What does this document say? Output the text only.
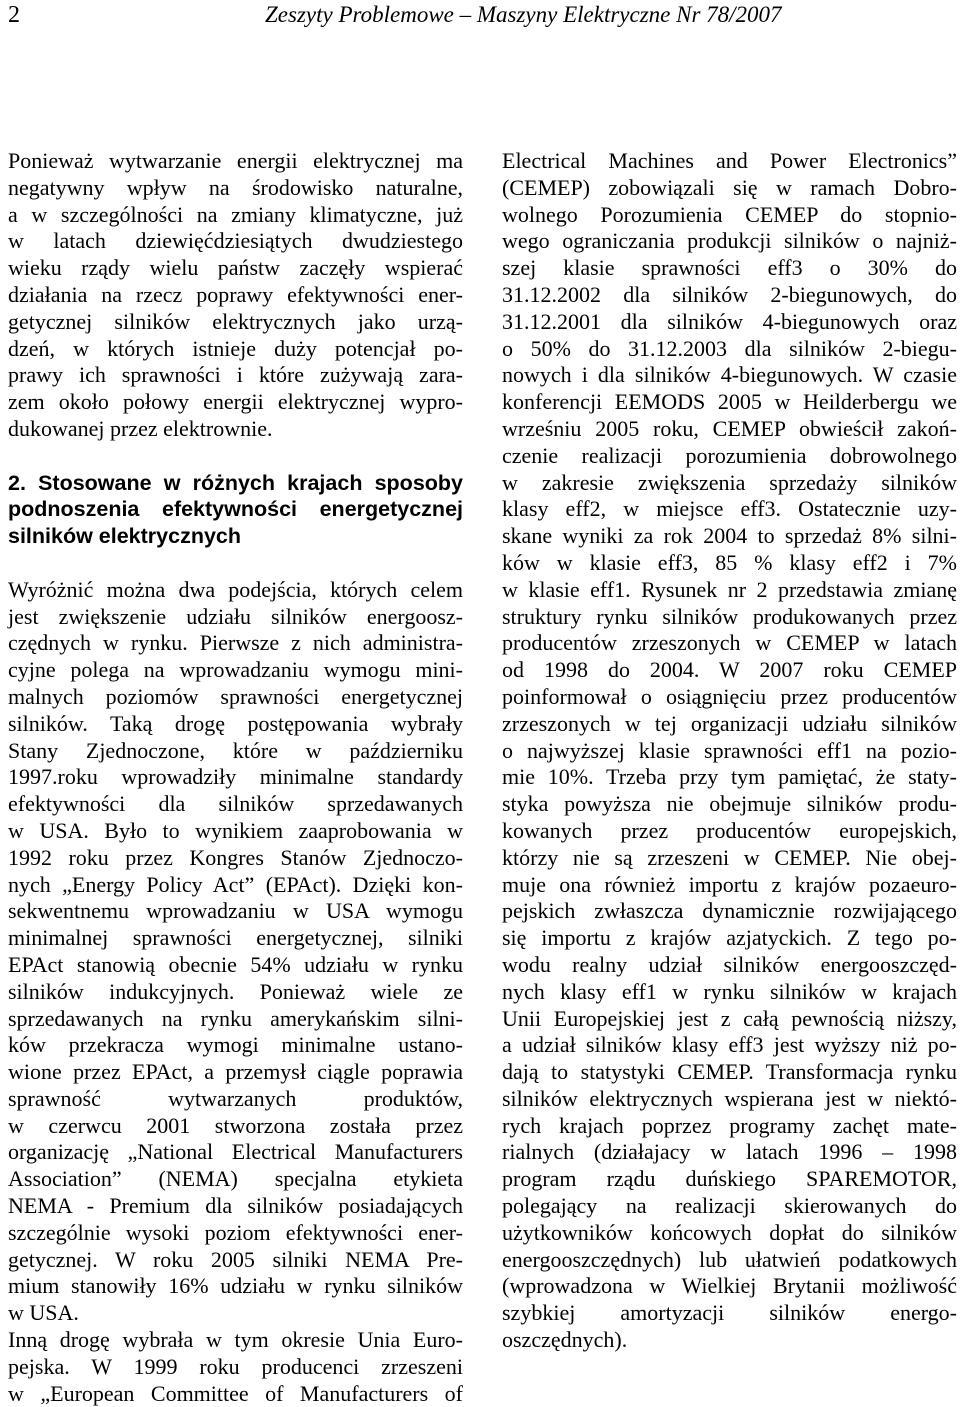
2	Zeszyty Problemowe – Maszyny Elektryczne Nr 78/2007
Ponieważ wytwarzanie energii elektrycznej ma
negatywny wpływ na środowisko naturalne,
a w szczególności na zmiany klimatyczne, już
w latach dziewięćdziesiątych dwudziestego
wieku rządy wielu państw zaczęły wspierać
działania na rzecz poprawy efektywności ener-
getycznej silników elektrycznych jako urzą-
dzeń, w których istnieje duży potencjał po-
prawy ich sprawności i które zużywają zara-
zem około połowy energii elektrycznej wypro-
dukowanej przez elektrownie.
2. Stosowane w różnych krajach sposoby
podnoszenia efektywności energetycznej
silników elektrycznych
Wyróżnić można dwa podejścia, których celem
jest zwiększenie udziału silników energoosz-
czędnych w rynku. Pierwsze z nich administra-
cyjne polega na wprowadzaniu wymogu mini-
malnych poziomów sprawności energetycznej
silników. Taką drogę postępowania wybrały
Stany Zjednoczone, które w październiku
1997.roku wprowadziły minimalne standardy
efektywności dla silników sprzedawanych
w USA. Było to wynikiem zaaprobowania w
1992 roku przez Kongres Stanów Zjednoczo-
nych „Energy Policy Act” (EPAct). Dzięki kon-
sekwentnemu wprowadzaniu w USA wymogu
minimalnej sprawności energetycznej, silniki
EPAct stanowią obecnie 54% udziału w rynku
silników indukcyjnych. Ponieważ wiele ze
sprzedawanych na rynku amerykańskim silni-
ków przekracza wymogi minimalne ustano-
wione przez EPAct, a przemysł ciągle poprawia
sprawność wytwarzanych produktów,
w czerwcu 2001 stworzona została przez
organizację „National Electrical Manufacturers
Association” (NEMA) specjalna etykieta
NEMA - Premium dla silników posiadających
szczególnie wysoki poziom efektywności ener-
getycznej. W roku 2005 silniki NEMA Pre-
mium stanowiły 16% udziału w rynku silników
w USA.
Inną drogę wybrała w tym okresie Unia Euro-
pejska. W 1999 roku producenci zrzeszeni
w „European Committee of Manufacturers of
Electrical Machines and Power Electronics”
(CEMEP) zobowiązali się w ramach Dobro-
wolnego Porozumienia CEMEP do stopnio-
wego ograniczania produkcji silników o najniż-
szej klasie sprawności eff3 o 30% do
31.12.2002 dla silników 2-biegunowych, do
31.12.2001 dla silników 4-biegunowych oraz
o 50% do 31.12.2003 dla silników 2-biegu-
nowych i dla silników 4-biegunowych. W czasie
konferencji EEMODS 2005 w Heilderbergu we
wrześniu 2005 roku, CEMEP obwieścił zakoń-
czenie realizacji porozumienia dobrowolnego
w zakresie zwiększenia sprzedaży silników
klasy eff2, w miejsce eff3. Ostatecznie uzy-
skane wyniki za rok 2004 to sprzedaż 8% silni-
ków w klasie eff3, 85 % klasy eff2 i 7%
w klasie eff1. Rysunek nr 2 przedstawia zmianę
struktury rynku silników produkowanych przez
producentów zrzeszonych w CEMEP w latach
od 1998 do 2004. W 2007 roku CEMEP
poinformował o osiągnięciu przez producentów
zrzeszonych w tej organizacji udziału silników
o najwyższej klasie sprawności eff1 na pozio-
mie 10%. Trzeba przy tym pamiętać, że staty-
styka powyższa nie obejmuje silników produ-
kowanych przez producentów europejskich,
którzy nie są zrzeszeni w CEMEP. Nie obej-
muje ona również importu z krajów pozaeuro-
pejskich zwłaszcza dynamicznie rozwijającego
się importu z krajów azjatyckich. Z tego po-
wodu realny udział silników energooszczęd-
nych klasy eff1 w rynku silników w krajach
Unii Europejskiej jest z całą pewnością niższy,
a udział silników klasy eff3 jest wyższy niż po-
dają to statystyki CEMEP. Transformacja rynku
silników elektrycznych wspierana jest w niektó-
rych krajach poprzez programy zachęt mate-
rialnych (działajacy w latach 1996 – 1998
program rządu duńskiego SPAREMOTOR,
polegający na realizacji skierowanych do
użytkowników końcowych dopłat do silników
energooszczędnych) lub ułatwień podatkowych
(wprowadzona w Wielkiej Brytanii możliwość
szybkiej amortyzacji silników energo-
oszczędnych).
